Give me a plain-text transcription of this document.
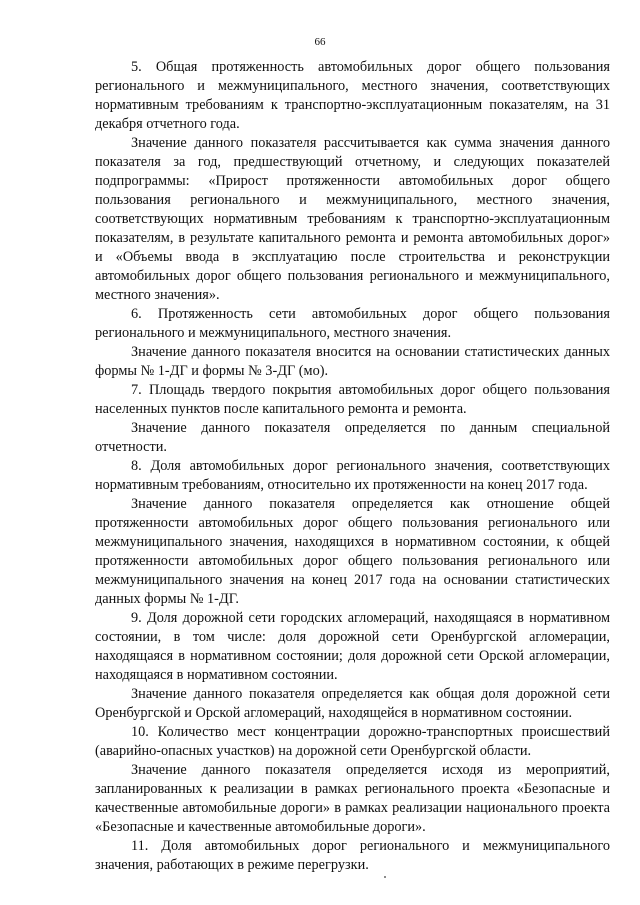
66

5. Общая протяженность автомобильных дорог общего пользования регионального и межмуниципального, местного значения, соответствующих нормативным требованиям к транспортно-эксплуатационным показателям, на 31 декабря отчетного года.

Значение данного показателя рассчитывается как сумма значения данного показателя за год, предшествующий отчетному, и следующих показателей подпрограммы: «Прирост протяженности автомобильных дорог общего пользования регионального и межмуниципального, местного значения, соответствующих нормативным требованиям к транспортно-эксплуатационным показателям, в результате капитального ремонта и ремонта автомобильных дорог» и «Объемы ввода в эксплуатацию после строительства и реконструкции автомобильных дорог общего пользования регионального и межмуниципального, местного значения».

6. Протяженность сети автомобильных дорог общего пользования регионального и межмуниципального, местного значения.

Значение данного показателя вносится на основании статистических данных формы № 1-ДГ и формы № 3-ДГ (мо).

7. Площадь твердого покрытия автомобильных дорог общего пользования населенных пунктов после капитального ремонта и ремонта.

Значение данного показателя определяется по данным специальной отчетности.

8. Доля автомобильных дорог регионального значения, соответствующих нормативным требованиям, относительно их протяженности на конец 2017 года.

Значение данного показателя определяется как отношение общей протяженности автомобильных дорог общего пользования регионального или межмуниципального значения, находящихся в нормативном состоянии, к общей протяженности автомобильных дорог общего пользования регионального или межмуниципального значения на конец 2017 года на основании статистических данных формы № 1-ДГ.

9. Доля дорожной сети городских агломераций, находящаяся в нормативном состоянии, в том числе: доля дорожной сети Оренбургской агломерации, находящаяся в нормативном состоянии; доля дорожной сети Орской агломерации, находящаяся в нормативном состоянии.

Значение данного показателя определяется как общая доля дорожной сети Оренбургской и Орской агломераций, находящейся в нормативном состоянии.

10. Количество мест концентрации дорожно-транспортных происшествий (аварийно-опасных участков) на дорожной сети Оренбургской области.

Значение данного показателя определяется исходя из мероприятий, запланированных к реализации в рамках регионального проекта «Безопасные и качественные автомобильные дороги» в рамках реализации национального проекта «Безопасные и качественные автомобильные дороги».

11. Доля автомобильных дорог регионального и межмуниципального значения, работающих в режиме перегрузки.
